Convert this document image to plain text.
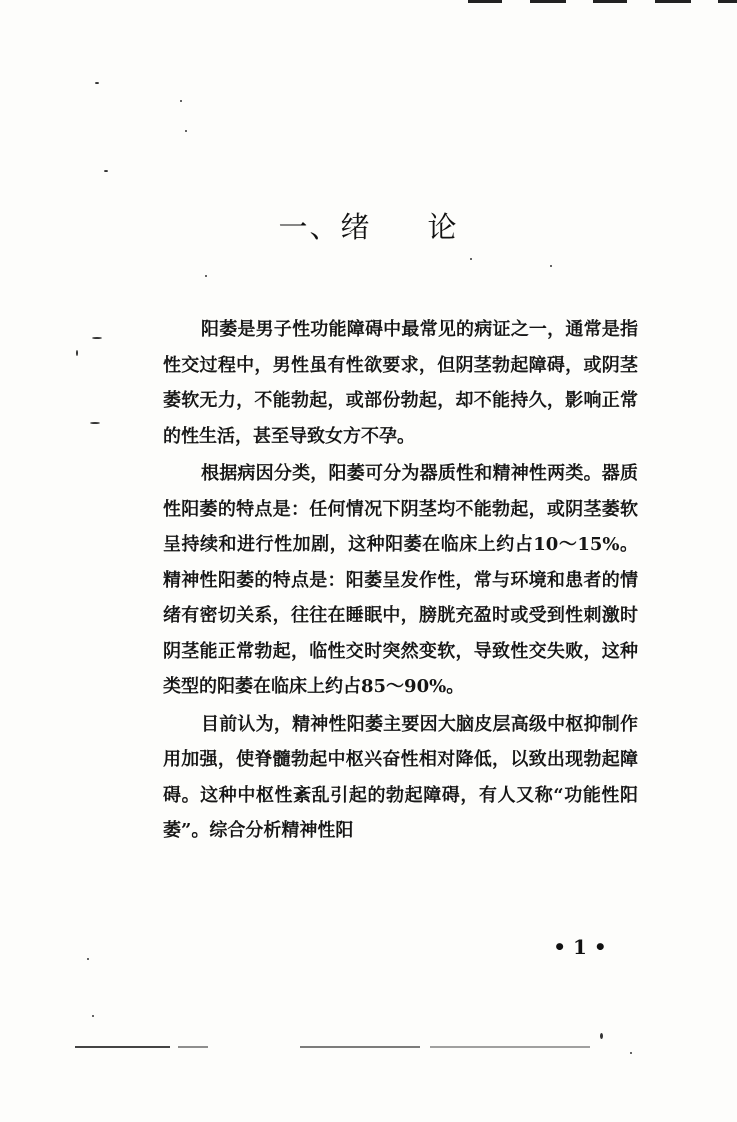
一、绪 论

阳萎是男子性功能障碍中最常见的病证之一，通常是指性交过程中，男性虽有性欲要求，但阴茎勃起障碍，或阴茎萎软无力，不能勃起，或部份勃起，却不能持久，影响正常的性生活，甚至导致女方不孕。

根据病因分类，阳萎可分为器质性和精神性两类。器质性阳萎的特点是：任何情况下阴茎均不能勃起，或阴茎萎软呈持续和进行性加剧，这种阳萎在临床上约占10～15%。精神性阳萎的特点是：阳萎呈发作性，常与环境和患者的情绪有密切关系，往往在睡眠中，膀胱充盈时或受到性刺激时阴茎能正常勃起，临性交时突然变软，导致性交失败，这种类型的阳萎在临床上约占85～90%。

目前认为，精神性阳萎主要因大脑皮层高级中枢抑制作用加强，使脊髓勃起中枢兴奋性相对降低，以致出现勃起障碍。这种中枢性紊乱引起的勃起障碍，有人又称“功能性阳萎”。综合分析精神性阳

• 1 •
